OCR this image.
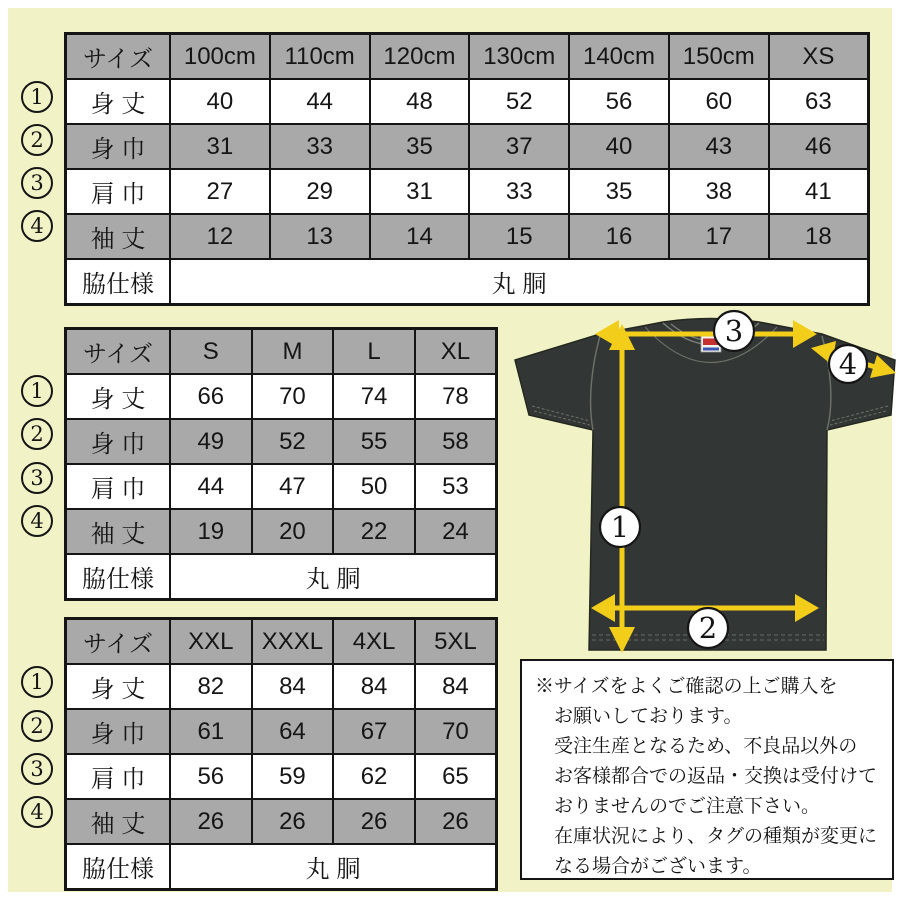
サイズ	100cm	110cm	120cm	130cm	140cm	150cm	XS
身 丈	40	44	48	52	56	60	63
身 巾	31	33	35	37	40	43	46
肩 巾	27	29	31	33	35	38	41
袖 丈	12	13	14	15	16	17	18
脇仕様	丸 胴						
サイズ	S	M	L	XL
身 丈	66	70	74	78
身 巾	49	52	55	58
肩 巾	44	47	50	53
袖 丈	19	20	22	24
脇仕様	丸 胴			
サイズ	XXL	XXXL	4XL	5XL
身 丈	82	84	84	84
身 巾	61	64	67	70
肩 巾	56	59	62	65
袖 丈	26	26	26	26
脇仕様	丸 胴			
1
2
3
4
1
2
3
4
1
2
3
4
3
4
1
2

※サイズをよくご確認の上ご購入を

お願いしております。

受注生産となるため、不良品以外の

お客様都合での返品・交換は受付けて

おりませんのでご注意下さい。

在庫状況により、タグの種類が変更に

なる場合がございます。
